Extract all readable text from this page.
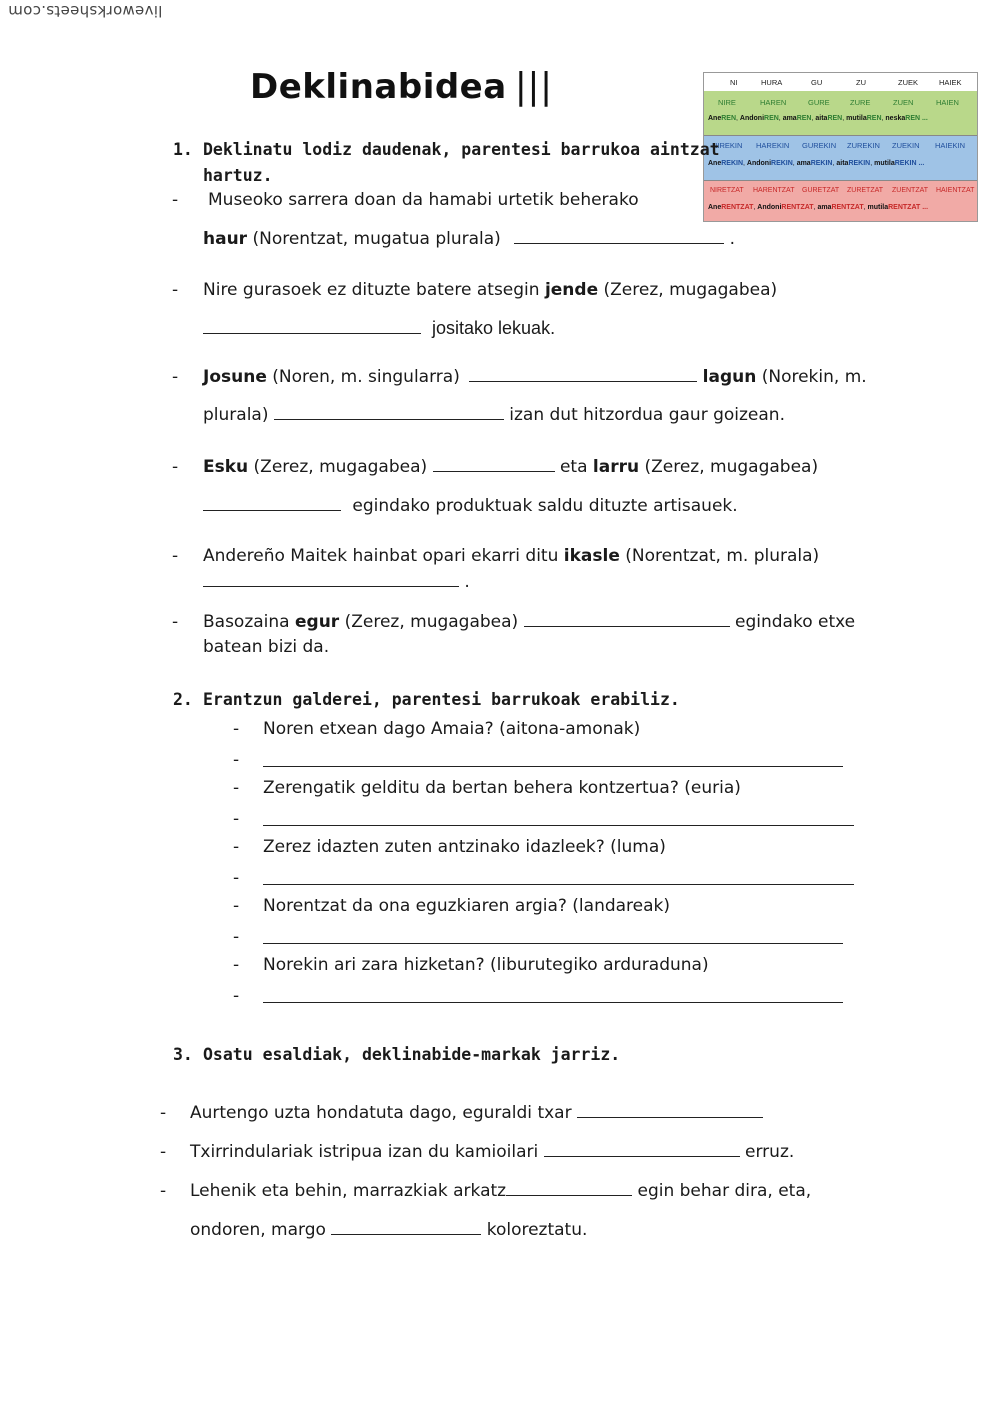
liveworksheets.com
Deklinabidea |||	NI	HURA	GU	ZU	ZUEK	HAIEK
NIRE	HAREN	GURE	ZURE	ZUEN	HAIEN
AneREN, AndoniREN, amaREN, aitaREN, mutilaREN, neskaREN ...
NIREKIN HAREKIN GUREKIN ZUREKIN ZUEKIN HAIEKIN
AneREKIN, AndoniREKIN, amaREKIN, aitaREKIN, mutilaREKIN ...
NIRETZAT HARENTZAT GURETZAT ZURETZAT ZUENTZAT HAIENTZAT
AneRENTZAT, AndoniRENTZAT, amaRENTZAT, mutilaRENTZAT ...
1. Deklinatu lodiz daudenak, parentesi barrukoa aintzat
hartuz.
- Museoko sarrera doan da hamabi urtetik beherako
haur (Norentzat, mugatua plurala)	.
- Nire gurasoek ez dituzte batere atsegin jende (Zerez, mugagabea)
jositako lekuak.
- Josune (Noren, m. singularra)	lagun (Norekin, m.
plurala)	izan dut hitzordua gaur goizean.
- Esku (Zerez, mugagabea)	eta larru (Zerez, mugagabea)
egindako produktuak saldu dituzte artisauek.
- Andereño Maitek hainbat opari ekarri ditu ikasle (Norentzat, m. plurala)
.
- Basozaina egur (Zerez, mugagabea)	egindako etxe
batean bizi da.
2. Erantzun galderei, parentesi barrukoak erabiliz.
- Noren etxean dago Amaia? (aitona-amonak)
-
- Zerengatik gelditu da bertan behera kontzertua? (euria)
-
- Zerez idazten zuten antzinako idazleek? (luma)
-
- Norentzat da ona eguzkiaren argia? (landareak)
-
- Norekin ari zara hizketan? (liburutegiko arduraduna)
-
3. Osatu esaldiak, deklinabide-markak jarriz.
- Aurtengo uzta hondatuta dago, eguraldi txar
- Txirrindulariak istripua izan du kamioilari	erruz.
- Lehenik eta behin, marrazkiak arkatz	egin behar dira, eta,
ondoren, margo	koloreztatu.
